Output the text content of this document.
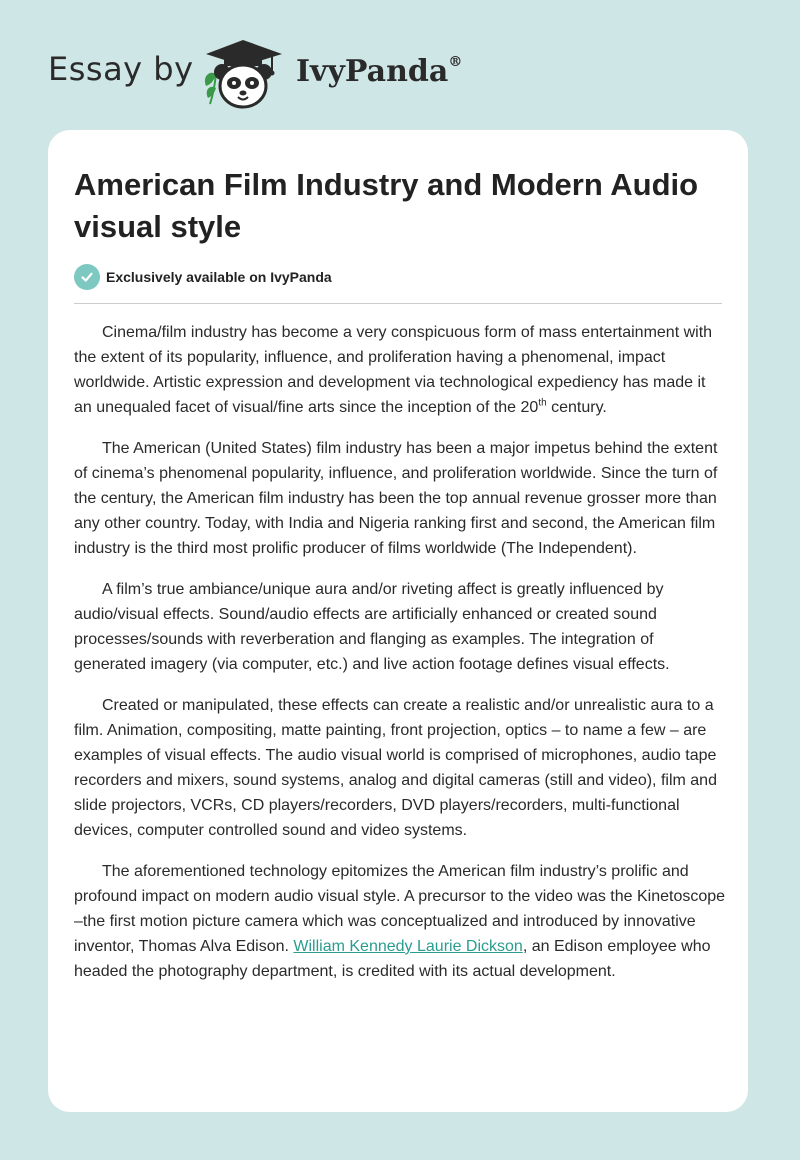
Essay by	IvyPanda®
American Film Industry and Modern Audio visual style
Exclusively available on IvyPanda

Cinema/film industry has become a very conspicuous form of mass entertainment with the extent of its popularity, influence, and proliferation having a phenomenal, impact worldwide. Artistic expression and development via technological expediency has made it an unequaled facet of visual/fine arts since the inception of the 20th century.

The American (United States) film industry has been a major impetus behind the extent of cinema’s phenomenal popularity, influence, and proliferation worldwide. Since the turn of the century, the American film industry has been the top annual revenue grosser more than any other country. Today, with India and Nigeria ranking first and second, the American film industry is the third most prolific producer of films worldwide (The Independent).

A film’s true ambiance/unique aura and/or riveting affect is greatly influenced by audio/visual effects. Sound/audio effects are artificially enhanced or created sound processes/sounds with reverberation and flanging as examples. The integration of generated imagery (via computer, etc.) and live action footage defines visual effects.

Created or manipulated, these effects can create a realistic and/or unrealistic aura to a film. Animation, compositing, matte painting, front projection, optics – to name a few – are examples of visual effects. The audio visual world is comprised of microphones, audio tape recorders and mixers, sound systems, analog and digital cameras (still and video), film and slide projectors, VCRs, CD players/recorders, DVD players/recorders, multi-functional devices, computer controlled sound and video systems.

The aforementioned technology epitomizes the American film industry’s prolific and profound impact on modern audio visual style. A precursor to the video was the Kinetoscope –the first motion picture camera which was conceptualized and introduced by innovative inventor, Thomas Alva Edison. William Kennedy Laurie Dickson, an Edison employee who headed the photography department, is credited with its actual development.
